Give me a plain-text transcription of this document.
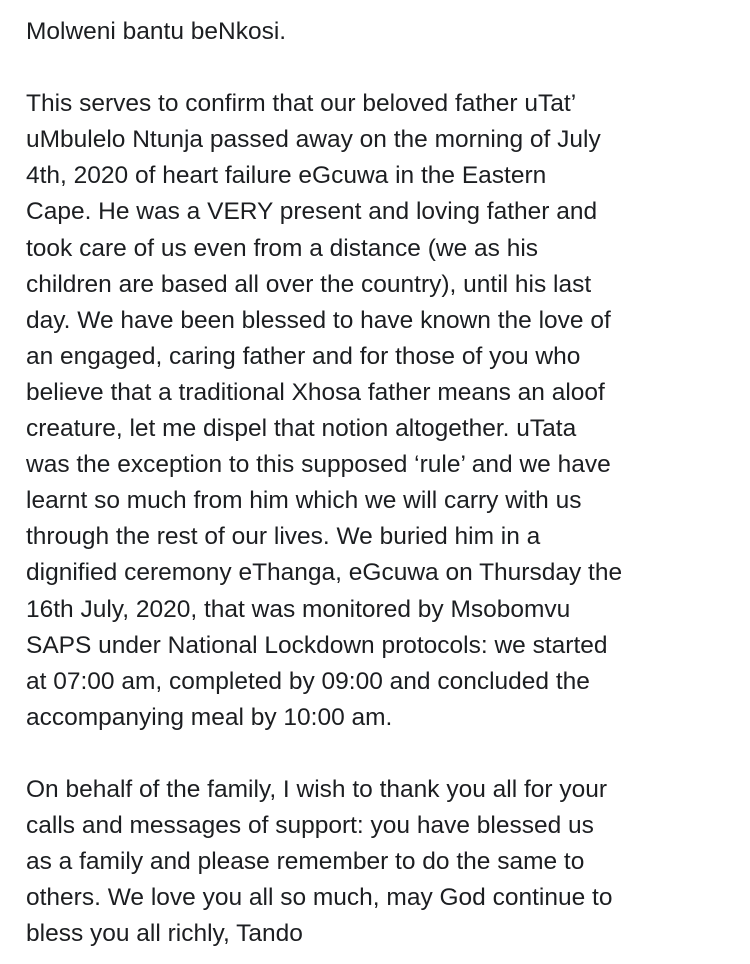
Molweni bantu beNkosi.
This serves to confirm that our beloved father uTat’
uMbulelo Ntunja passed away on the morning of July
4th, 2020 of heart failure eGcuwa in the Eastern
Cape. He was a VERY present and loving father and
took care of us even from a distance (we as his
children are based all over the country), until his last
day. We have been blessed to have known the love of
an engaged, caring father and for those of you who
believe that a traditional Xhosa father means an aloof
creature, let me dispel that notion altogether. uTata
was the exception to this supposed ‘rule’ and we have
learnt so much from him which we will carry with us
through the rest of our lives. We buried him in a
dignified ceremony eThanga, eGcuwa on Thursday the
16th July, 2020, that was monitored by Msobomvu
SAPS under National Lockdown protocols: we started
at 07:00 am, completed by 09:00 and concluded the
accompanying meal by 10:00 am.
On behalf of the family, I wish to thank you all for your
calls and messages of support: you have blessed us
as a family and please remember to do the same to
others. We love you all so much, may God continue to
bless you all richly, Tando
